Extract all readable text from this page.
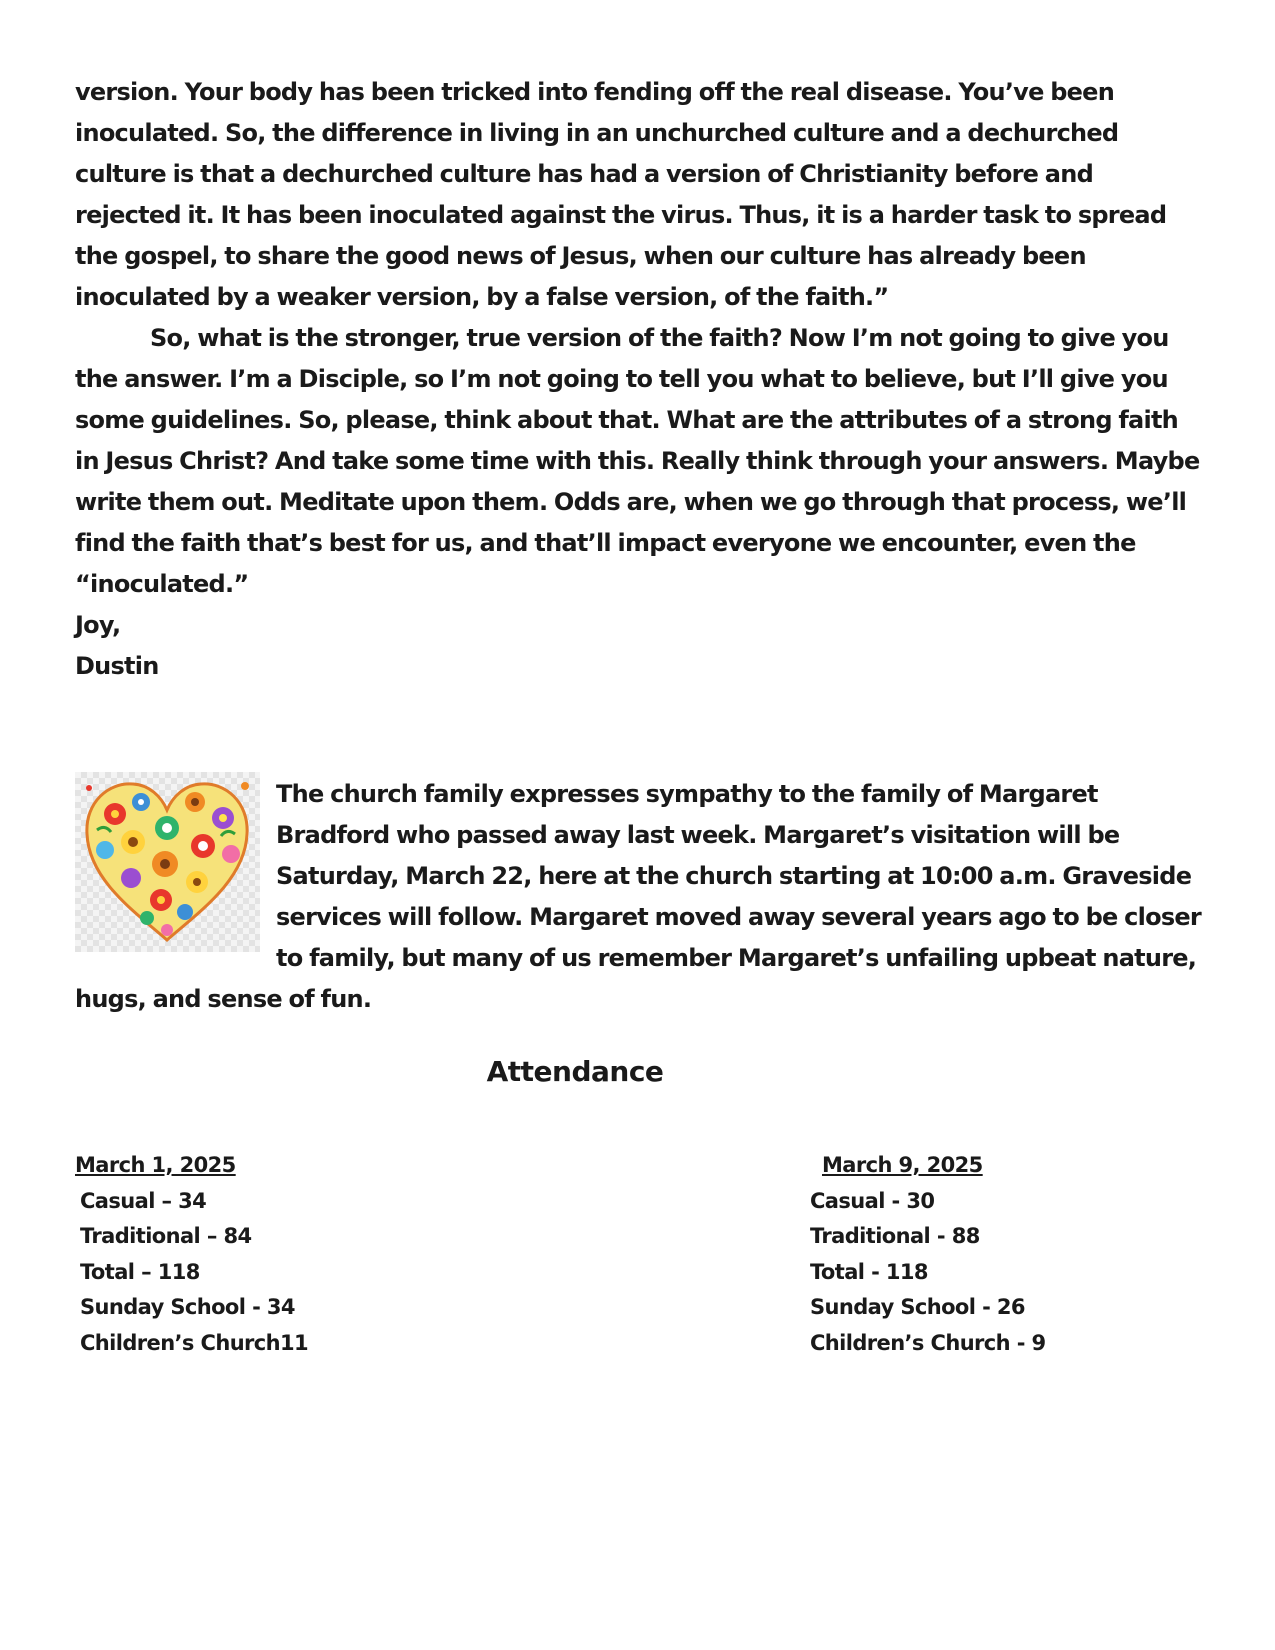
version. Your body has been tricked into fending off the real disease. You’ve been inoculated. So, the difference in living in an unchurched culture and a dechurched culture is that a dechurched culture has had a version of Christianity before and rejected it. It has been inoculated against the virus. Thus, it is a harder task to spread the gospel, to share the good news of Jesus, when our culture has already been inoculated by a weaker version, by a false version, of the faith.”

So, what is the stronger, true version of the faith? Now I’m not going to give you the answer. I’m a Disciple, so I’m not going to tell you what to believe, but I’ll give you some guidelines. So, please, think about that. What are the attributes of a strong faith in Jesus Christ? And take some time with this. Really think through your answers. Maybe write them out. Meditate upon them. Odds are, when we go through that process, we’ll find the faith that’s best for us, and that’ll impact everyone we encounter, even the “inoculated.”

Joy,

Dustin

The church family expresses sympathy to the family of Margaret Bradford who passed away last week. Margaret’s visitation will be Saturday, March 22, here at the church starting at 10:00 a.m. Graveside services will follow. Margaret moved away several years ago to be closer to family, but many of us remember Margaret’s unfailing upbeat nature, hugs, and sense of fun.
Attendance
March 1, 2025
Casual – 34
Traditional – 84
Total – 118
Sunday School - 34
Children’s Church11
March 9, 2025
Casual - 30
Traditional - 88
Total - 118
Sunday School - 26
Children’s Church - 9
